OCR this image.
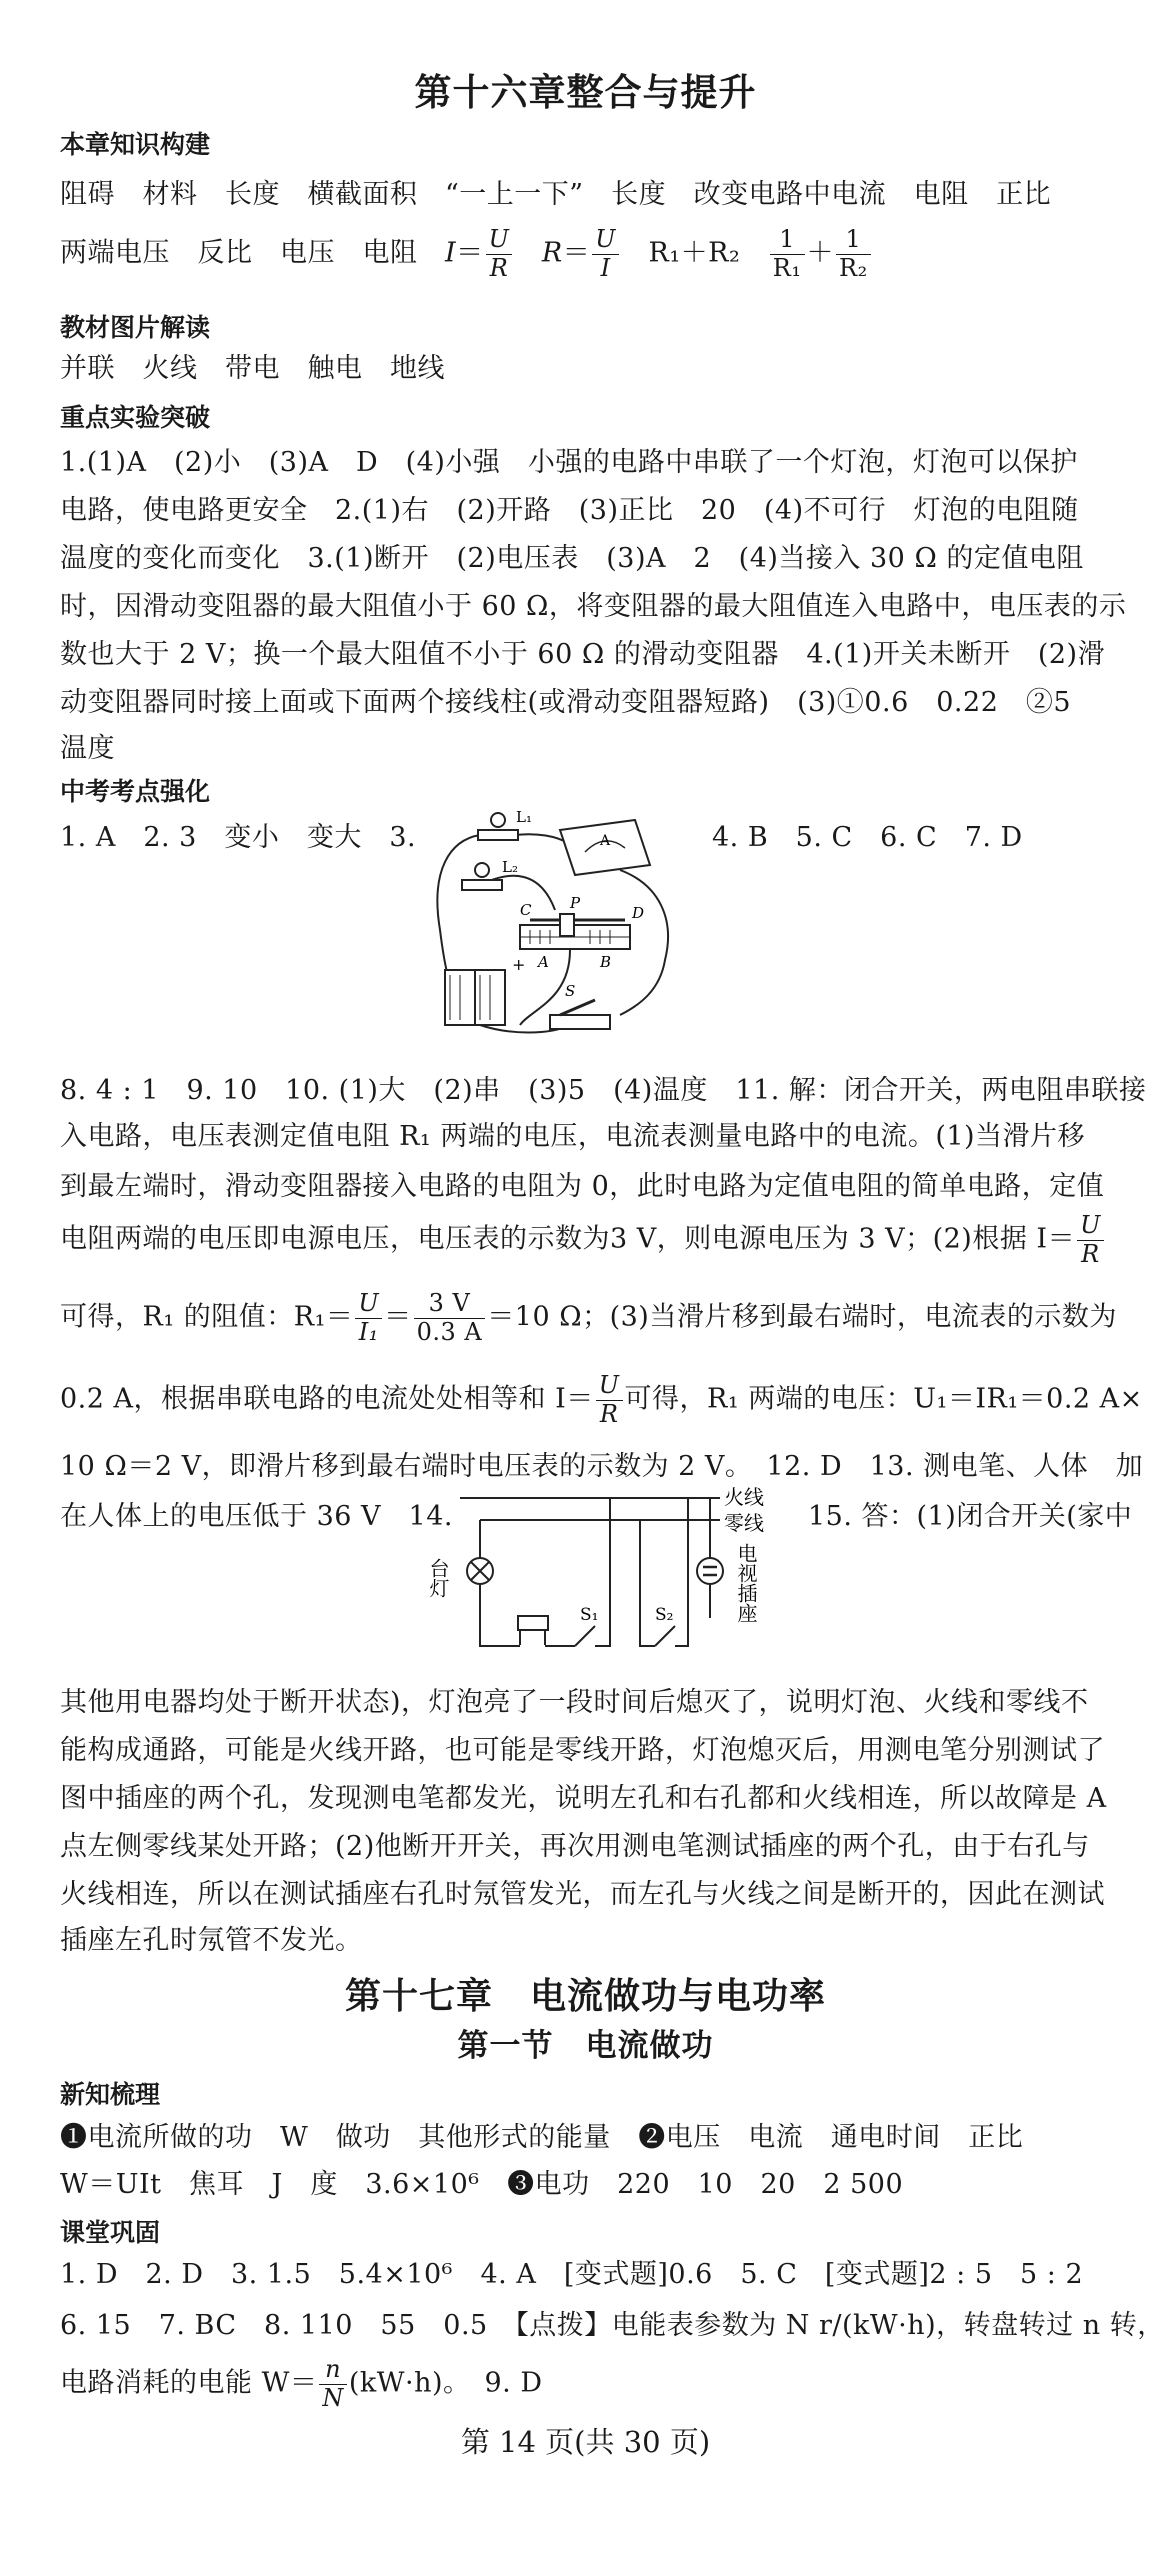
第十六章整合与提升
本章知识构建
阻碍　材料　长度　横截面积　“一上一下”　长度　改变电路中电流　电阻　正比
两端电压　反比　电压　电阻　$I= \frac{U}{R}$
　 $R= \frac{U}{I}$
　 R₁＋R₂　 $\frac{1}{\text{R₁}} + \frac{1}{\text{R₂}}$
教材图片解读
并联　火线　带电　触电　地线
重点实验突破
1.(1)A　(2)小　(3)A　D　(4)小强　小强的电路中串联了一个灯泡，灯泡可以保护
电路，使电路更安全　2.(1)右　(2)开路　(3)正比　20　(4)不可行　灯泡的电阻随
温度的变化而变化　3.(1)断开　(2)电压表　(3)A　2　(4)当接入 30 Ω 的定值电阻
时，因滑动变阻器的最大阻值小于 60 Ω，将变阻器的最大阻值连入电路中，电压表的示
数也大于 2 V；换一个最大阻值不小于 60 Ω 的滑动变阻器　4.(1)开关未断开　(2)滑
动变阻器同时接上面或下面两个接线柱(或滑动变阻器短路)　(3)①0.6　0.22　②5
温度
中考考点强化
1. A　2. 3　变小　变大　3.	4. B　5. C　6. C　7. D
L₁
L₂
A
C	P
D
A	B
+
S
8. 4 : 1　9. 10　10. (1)大　(2)串　(3)5　(4)温度　11. 解：闭合开关，两电阻串联接
入电路，电压表测定值电阻 R₁ 两端的电压，电流表测量电路中的电流。(1)当滑片移
到最左端时，滑动变阻器接入电路的电阻为 0，此时电路为定值电阻的简单电路，定值
电阻两端的电压即电源电压，电压表的示数为3 V，则电源电压为 3 V；(2)根据 $I= \frac{U}{R}$
可得，R₁ 的阻值：$R_1= \frac{U}{\text{I₁}} = \frac{3 V}{0.3 A} =10$ Ω；(3)当滑片移到最右端时，电流表的示数为
0.2 A，根据串联电路的电流处处相等和 $I= \frac{U}{R}$ 可得，R₁ 两端的电压：U₁＝IR₁＝0.2 A×
10 Ω＝2 V，即滑片移到最右端时电压表的示数为 2 V。　12. D　13. 测电笔、人体　加
在人体上的电压低于 36 V　14.	15. 答：(1)闭合开关(家中
火线
零线
台灯	电视插座
S₁	S₂
其他用电器均处于断开状态)，灯泡亮了一段时间后熄灭了，说明灯泡、火线和零线不
能构成通路，可能是火线开路，也可能是零线开路，灯泡熄灭后，用测电笔分别测试了
图中插座的两个孔，发现测电笔都发光，说明左孔和右孔都和火线相连，所以故障是 A
点左侧零线某处开路；(2)他断开开关，再次用测电笔测试插座的两个孔，由于右孔与
火线相连，所以在测试插座右孔时氖管发光，而左孔与火线之间是断开的，因此在测试
插座左孔时氖管不发光。
第十七章　电流做功与电功率
第一节　电流做功
新知梳理
❶电流所做的功　W　做功　其他形式的能量　❷电压　电流　通电时间　正比
W＝UIt　焦耳　J　度　3.6×10⁶　❸电功　220　10　20　2 500
课堂巩固
1. D　2. D　3. 1.5　5.4×10⁶　4. A　[变式题]0.6　5. C　[变式题]2 : 5　5 : 2
6. 15　7. BC　8. 110　55　0.5　【点拨】电能表参数为 N r/(kW·h)，转盘转过 n 转，
电路消耗的电能 $W= \frac{n}{N} (kW\cdot h)$。　9. D
第 14 页(共 30 页)
